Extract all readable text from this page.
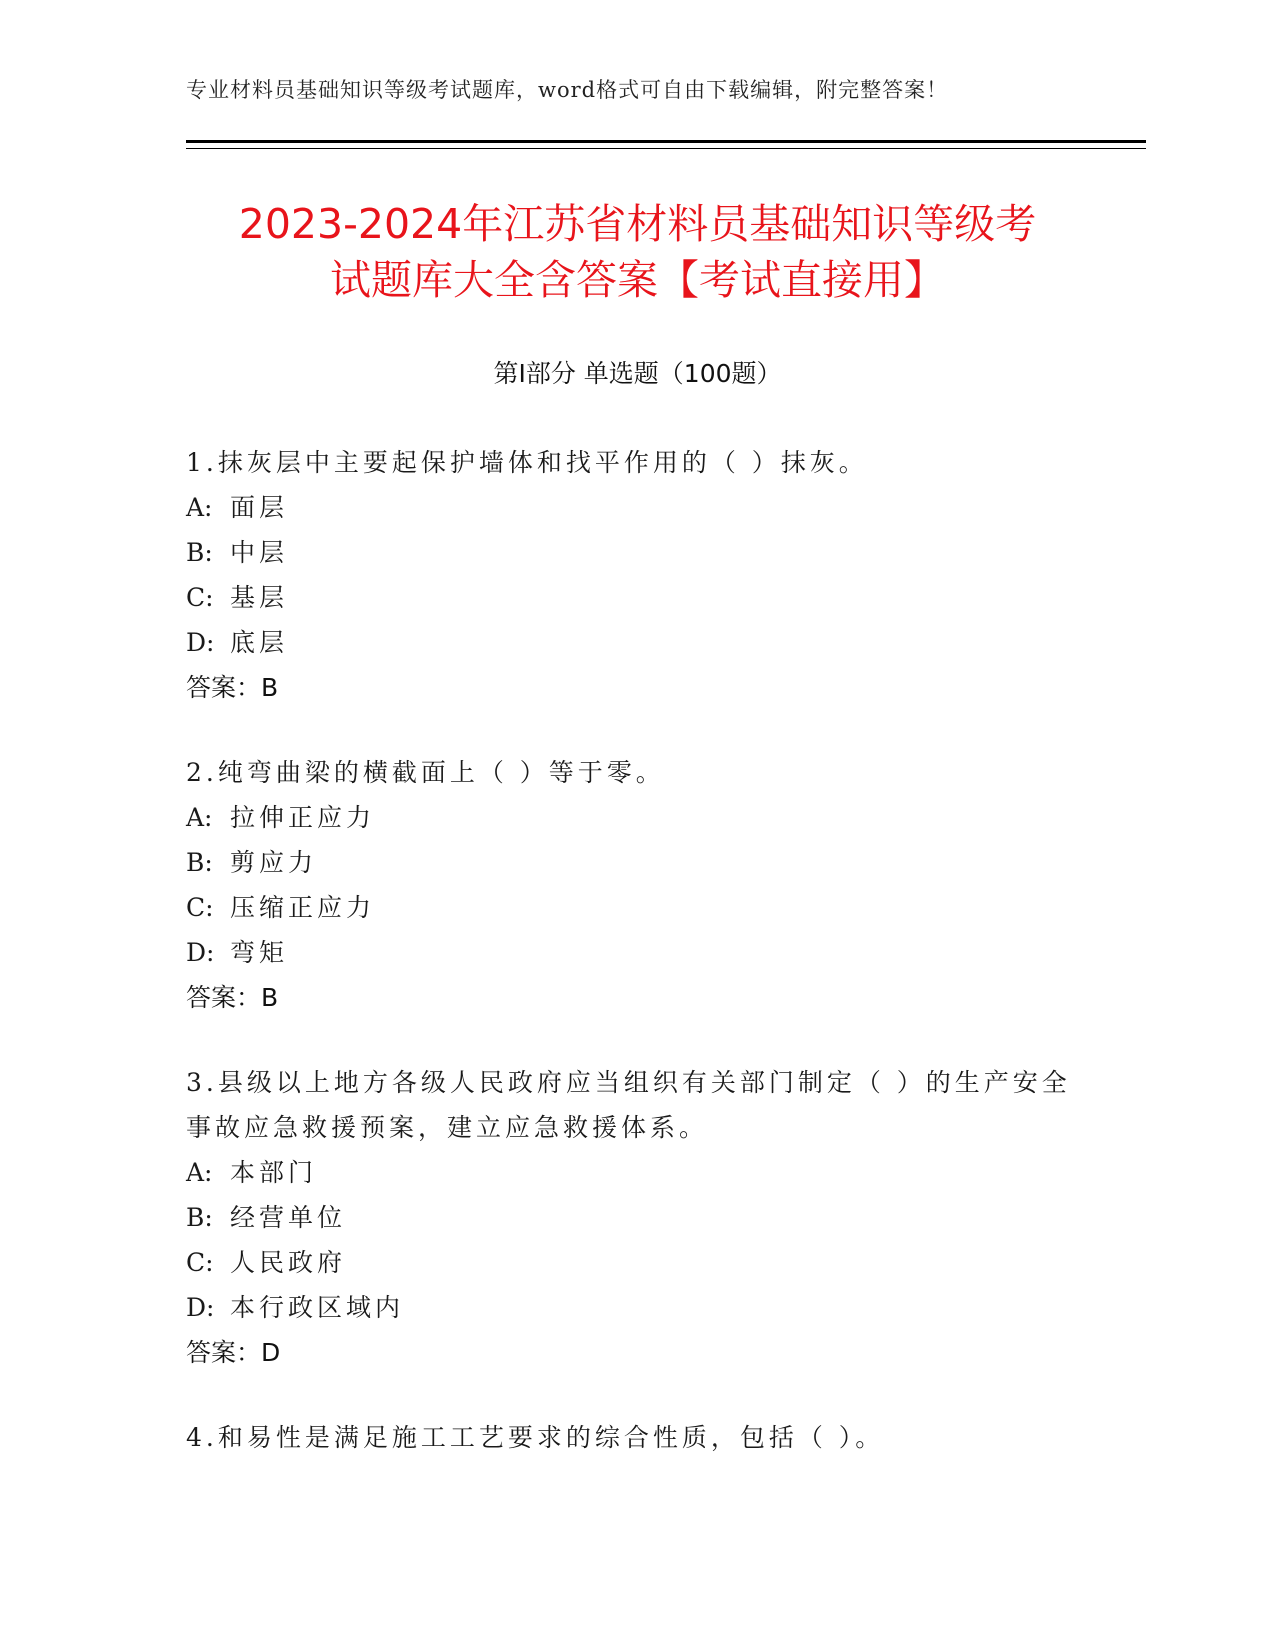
专业材料员基础知识等级考试题库，word格式可自由下载编辑，附完整答案！
2023-2024年江苏省材料员基础知识等级考
试题库大全含答案【考试直接用】
第Ⅰ部分 单选题（100题）
1.抹灰层中主要起保护墙体和找平作用的（ ）抹灰。
A: 面层
B: 中层
C: 基层
D: 底层
答案：B
2.纯弯曲梁的横截面上（ ）等于零。
A: 拉伸正应力
B: 剪应力
C: 压缩正应力
D: 弯矩
答案：B
3.县级以上地方各级人民政府应当组织有关部门制定（ ）的生产安全事故应急救援预案，建立应急救援体系。
A: 本部门
B: 经营单位
C: 人民政府
D: 本行政区域内
答案：D
4.和易性是满足施工工艺要求的综合性质，包括（ ）。
